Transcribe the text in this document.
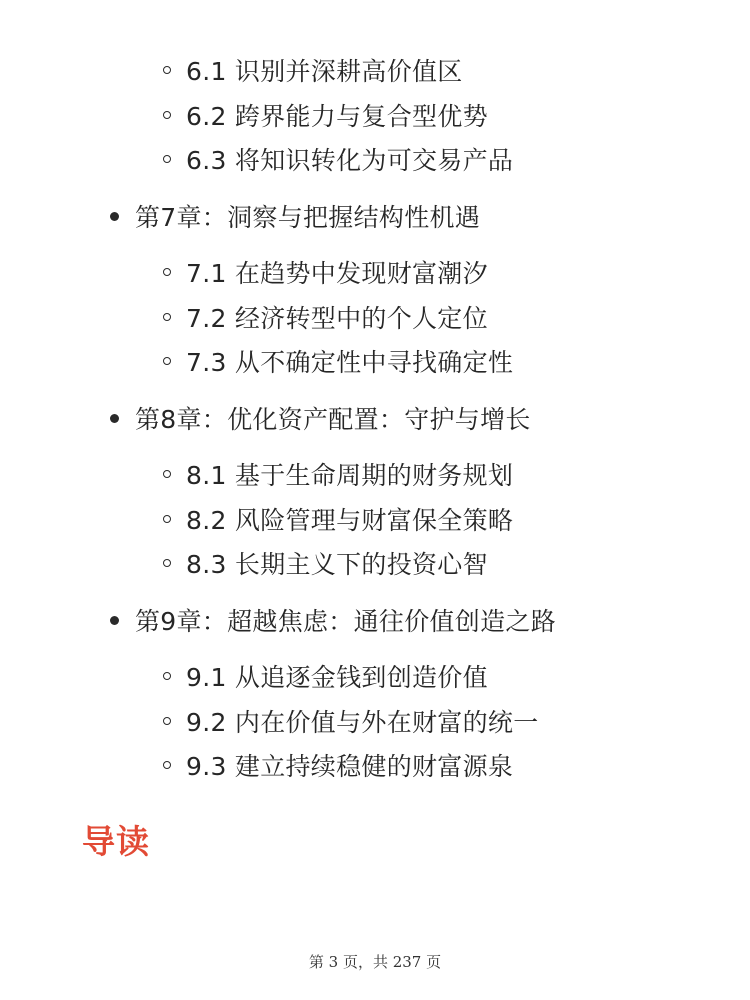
6.1 识别并深耕高价值区
6.2 跨界能力与复合型优势
6.3 将知识转化为可交易产品
第7章：洞察与把握结构性机遇
7.1 在趋势中发现财富潮汐
7.2 经济转型中的个人定位
7.3 从不确定性中寻找确定性
第8章：优化资产配置：守护与增长
8.1 基于生命周期的财务规划
8.2 风险管理与财富保全策略
8.3 长期主义下的投资心智
第9章：超越焦虑：通往价值创造之路
9.1 从追逐金钱到创造价值
9.2 内在价值与外在财富的统一
9.3 建立持续稳健的财富源泉
导读
第 3 页，共 237 页
